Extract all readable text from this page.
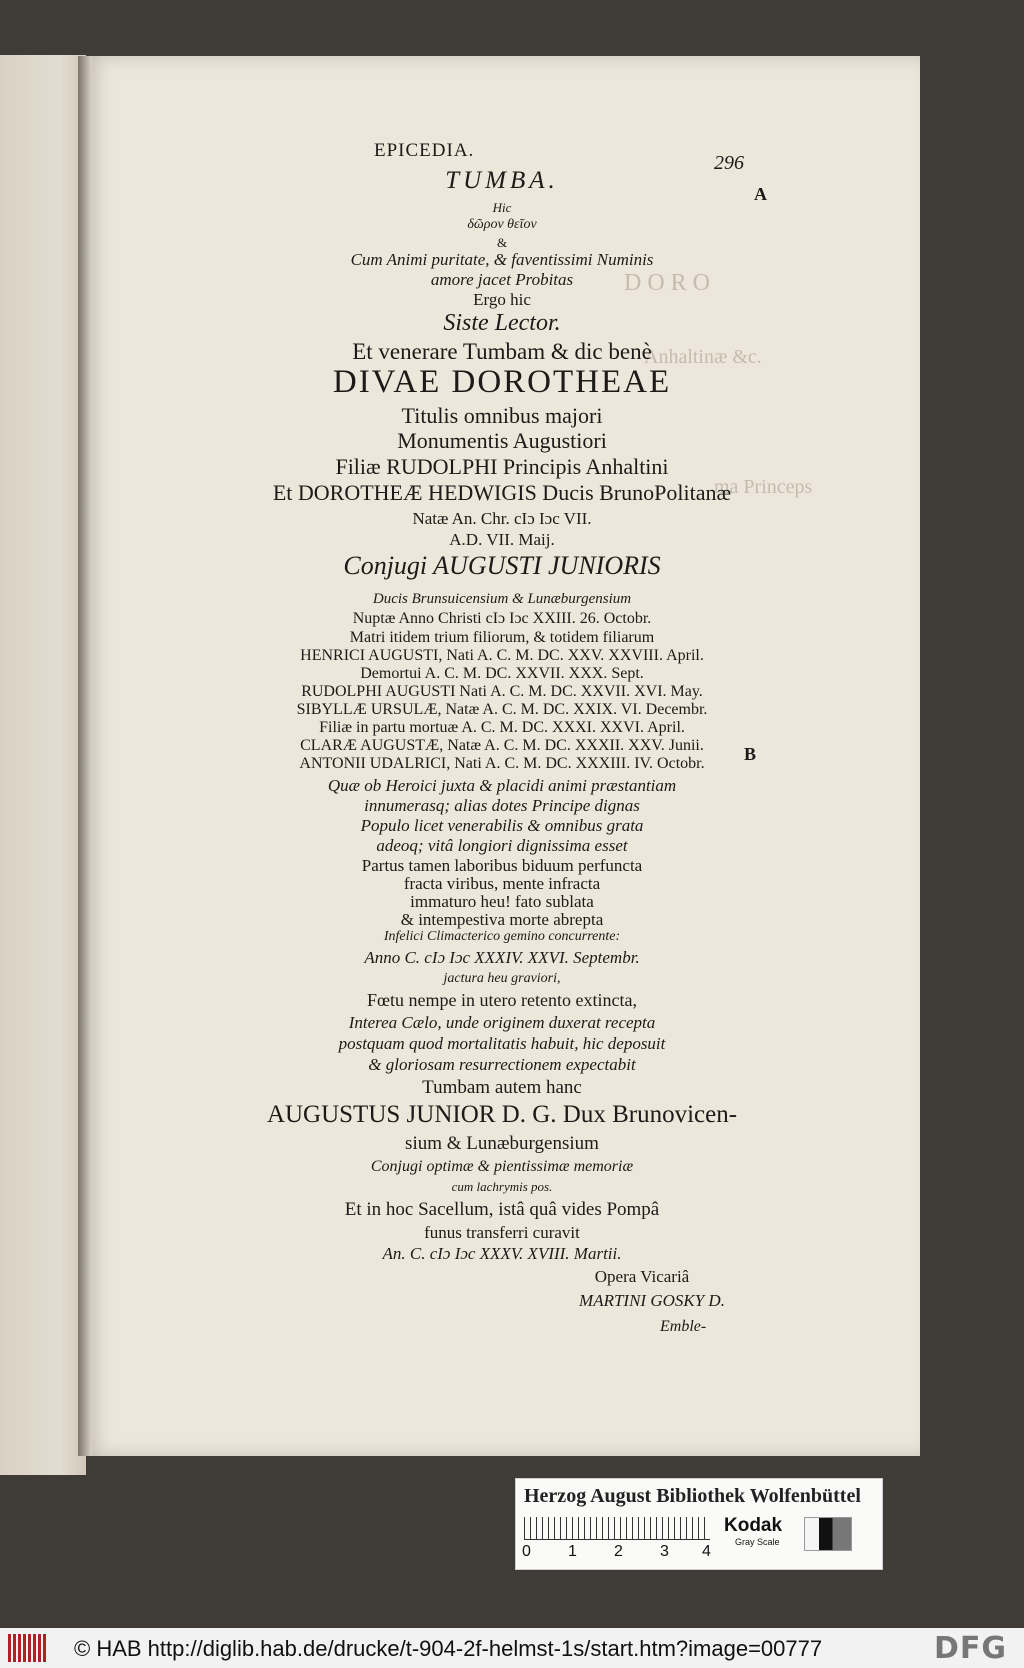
D O R O
Anhaltinæ &c.
ma Princeps
EPICEDIA.
296
A
B
TUMBA.
Hic
δῶρον θεῖον
&
Cum Animi puritate, & faventissimi Numinis
amore jacet Probitas
Ergo hic
Siste Lector.
Et venerare Tumbam & dic benè
DIVAE DOROTHEAE
Titulis omnibus majori
Monumentis Augustiori
Filiæ RUDOLPHI Principis Anhaltini
Et DOROTHEÆ HEDWIGIS Ducis BrunoPolitanæ
Natæ An. Chr. cIɔ Iɔc VII.
A.D. VII. Maij.
Conjugi AUGUSTI JUNIORIS
Ducis Brunsuicensium & Lunæburgensium
Nuptæ Anno Christi cIɔ Iɔc XXIII. 26. Octobr.
Matri itidem trium filiorum, & totidem filiarum
HENRICI AUGUSTI, Nati A. C. M. DC. XXV. XXVIII. April.
Demortui A. C. M. DC. XXVII. XXX. Sept.
RUDOLPHI AUGUSTI Nati A. C. M. DC. XXVII. XVI. May.
SIBYLLÆ URSULÆ, Natæ A. C. M. DC. XXIX. VI. Decembr.
Filiæ in partu mortuæ A. C. M. DC. XXXI. XXVI. April.
CLARÆ AUGUSTÆ, Natæ A. C. M. DC. XXXII. XXV. Junii.
ANTONII UDALRICI, Nati A. C. M. DC. XXXIII. IV. Octobr.
Quæ ob Heroici juxta & placidi animi præstantiam
innumerasq; alias dotes Principe dignas
Populo licet venerabilis & omnibus grata
adeoq; vitâ longiori dignissima esset
Partus tamen laboribus biduum perfuncta
fracta viribus, mente infracta
immaturo heu! fato sublata
& intempestiva morte abrepta
Infelici Climacterico gemino concurrente:
Anno C. cIɔ Iɔc XXXIV. XXVI. Septembr.
jactura heu graviori,
Fœtu nempe in utero retento extincta,
Interea Cælo, unde originem duxerat recepta
postquam quod mortalitatis habuit, hic deposuit
& gloriosam resurrectionem expectabit
Tumbam autem hanc
AUGUSTUS JUNIOR D. G. Dux Brunovicen-
sium & Lunæburgensium
Conjugi optimæ & pientissimæ memoriæ
cum lachrymis pos.
Et in hoc Sacellum, istâ quâ vides Pompâ
funus transferri curavit
An. C. cIɔ Iɔc XXXV. XVIII. Martii.
Opera Vicariâ
MARTINI GOSKY D.
Emble-
Herzog August Bibliothek Wolfenbüttel
0 1 2 3 4
Kodak
Gray Scale
© HAB http://diglib.hab.de/drucke/t-904-2f-helmst-1s/start.htm?image=00777	DFG
